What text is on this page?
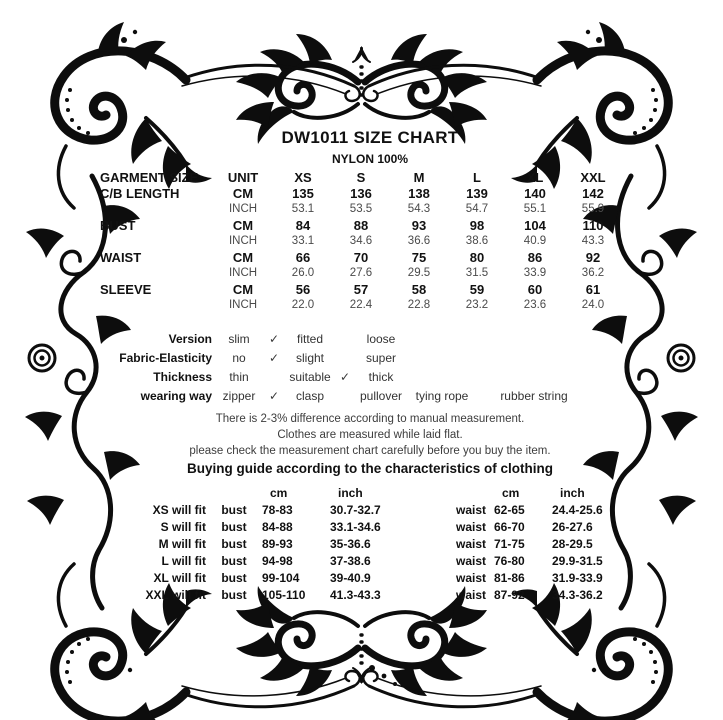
DW1011 SIZE CHART
NYLON 100%
GARMENT SIZE	UNIT	XS	S	M	L	XL	XXL
C/B LENGTH	CM	135	136	138	139	140	142
	INCH	53.1	53.5	54.3	54.7	55.1	55.9
BUST	CM	84	88	93	98	104	110
	INCH	33.1	34.6	36.6	38.6	40.9	43.3
WAIST	CM	66	70	75	80	86	92
	INCH	26.0	27.6	29.5	31.5	33.9	36.2
SLEEVE	CM	56	57	58	59	60	61
	INCH	22.0	22.4	22.8	23.2	23.6	24.0
Version	slim	✓	fitted	loose
Fabric-Elasticity	no	✓	slight	super
Thickness	thin	suitable ✓	thick
wearing way zipper	✓	clasp	pullover	tying rope	rubber string
There is 2-3% difference according to manual measurement.
Clothes are measured while laid flat.
please check the measurement chart carefully before you buy the item.
Buying guide according to the characteristics of clothing
		cm	inch
XS will fit	bust	78-83	30.7-32.7
S will fit	bust	84-88	33.1-34.6
M will fit	bust	89-93	35-36.6
L will fit	bust	94-98	37-38.6
XL will fit	bust	99-104	39-40.9
XXL will fit	bust	105-110	41.3-43.3
	cm	inch
waist	62-65	24.4-25.6
waist	66-70	26-27.6
waist	71-75	28-29.5
waist	76-80	29.9-31.5
waist	81-86	31.9-33.9
waist	87-92	34.3-36.2
